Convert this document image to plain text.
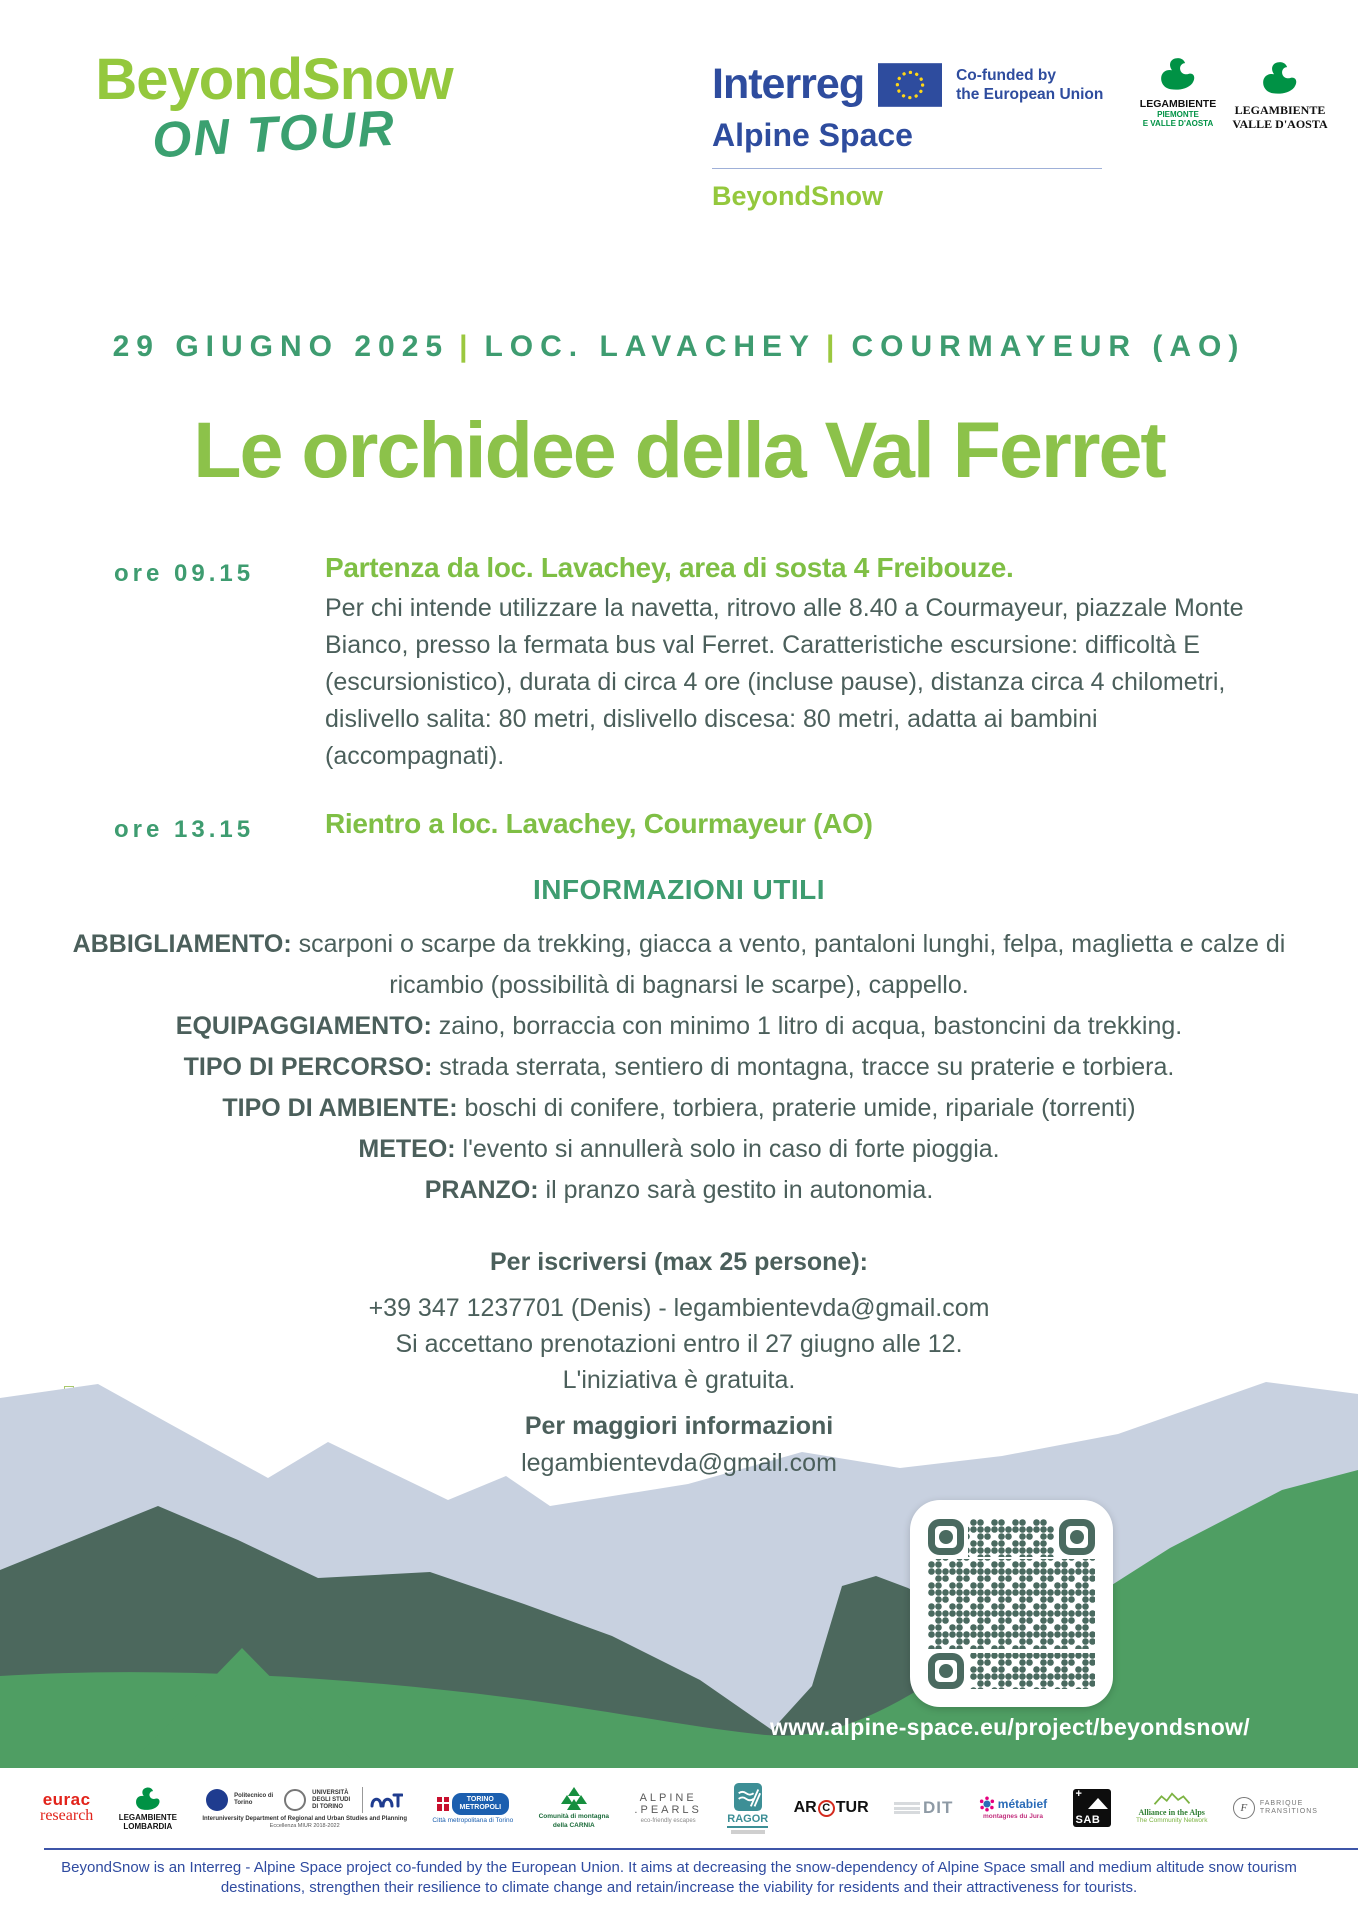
BeyondSnow
ON TOUR
Interreg	Co-funded by
the European Union
Alpine Space
BeyondSnow
LEGAMBIENTE
PIEMONTE
E VALLE D'AOSTA
LEGAMBIENTE
VALLE D'AOSTA
29 GIUGNO 2025 | LOC. LAVACHEY | COURMAYEUR (AO)
Le orchidee della Val Ferret
ore 09.15	Partenza da loc. Lavachey, area di sosta 4 Freibouze.
Per chi intende utilizzare la navetta, ritrovo alle 8.40 a Courmayeur, piazzale Monte Bianco, presso la fermata bus val Ferret. Caratteristiche escursione: difficoltà E (escursionistico), durata di circa 4 ore (incluse pause), distanza circa 4 chilometri, dislivello salita: 80 metri, dislivello discesa: 80 metri, adatta ai bambini (accompagnati).
ore 13.15	Rientro a loc. Lavachey, Courmayeur (AO)
INFORMAZIONI UTILI

ABBIGLIAMENTO: scarponi o scarpe da trekking, giacca a vento, pantaloni lunghi, felpa, maglietta e calze di ricambio (possibilità di bagnarsi le scarpe), cappello.

EQUIPAGGIAMENTO: zaino, borraccia con minimo 1 litro di acqua, bastoncini da trekking.

TIPO DI PERCORSO: strada sterrata, sentiero di montagna, tracce su praterie e torbiera.

TIPO DI AMBIENTE: boschi di conifere, torbiera, praterie umide, ripariale (torrenti)

METEO: l'evento si annullerà solo in caso di forte pioggia.

PRANZO: il pranzo sarà gestito in autonomia.

Per iscriversi (max 25 persone):

+39 347 1237701 (Denis) - legambientevda@gmail.com

Si accettano prenotazioni entro il 27 giugno alle 12.

L'iniziativa è gratuita.

Per maggiori informazioni

legambientevda@gmail.com

www.alpine-space.eu/project/beyondsnow/
eurac
research	LEGAMBIENTE
LOMBARDIA
Politecnico di Torino
UNIVERSITÀ DEGLI STUDI DI TORINO
Interuniversity Department of Regional and Urban Studies and Planning
Eccellenza MIUR 2018-2022
TORINO
METROPOLI
Città metropolitana di Torino	Comunità di montagna
della CARNIA
ALPINE
.PEARLS
eco-friendly escapes	RAGOR
AR C TUR	DIT	métabief
montagnes du Jura
+
SAB
Alliance in the Alps
The Community Network
F	FABRIQUE
TRANSITIONS
BeyondSnow is an Interreg - Alpine Space project co-funded by the European Union. It aims at decreasing the snow-dependency of Alpine Space small and medium altitude snow tourism destinations, strengthen their resilience to climate change and retain/increase the viability for residents and their attractiveness for tourists.
